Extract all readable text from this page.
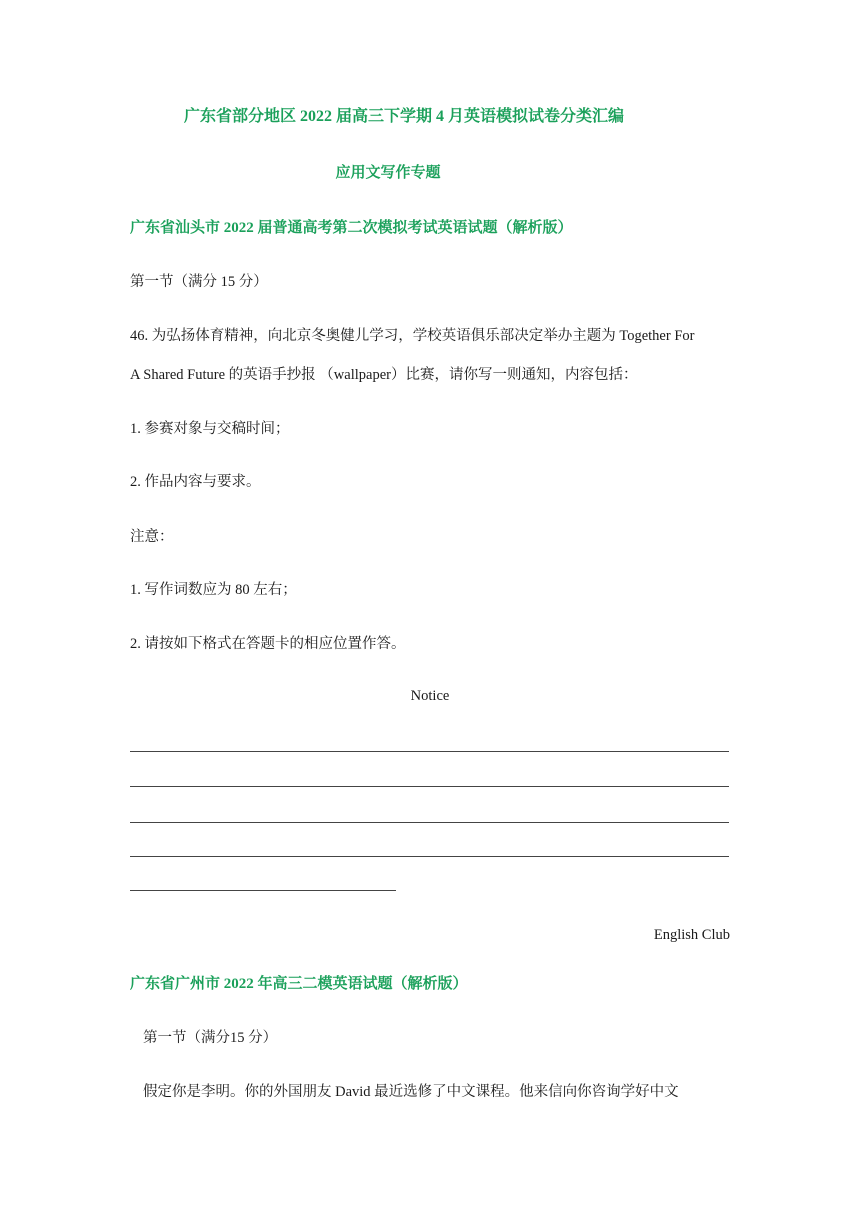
广东省部分地区 2022 届高三下学期 4 月英语模拟试卷分类汇编
应用文写作专题
广东省汕头市 2022 届普通高考第二次模拟考试英语试题（解析版）
第一节（满分 15 分）
46. 为弘扬体育精神，向北京冬奥健儿学习，学校英语俱乐部决定举办主题为 Together For
A Shared Future 的英语手抄报 （wallpaper）比赛，请你写一则通知，内容包括：
1. 参赛对象与交稿时间；
2. 作品内容与要求。
注意：
1. 写作词数应为 80 左右；
2. 请按如下格式在答题卡的相应位置作答。
Notice
English Club
广东省广州市 2022 年高三二模英语试题（解析版）
第一节（满分15 分）
假定你是李明。你的外国朋友 David 最近选修了中文课程。他来信向你咨询学好中文
